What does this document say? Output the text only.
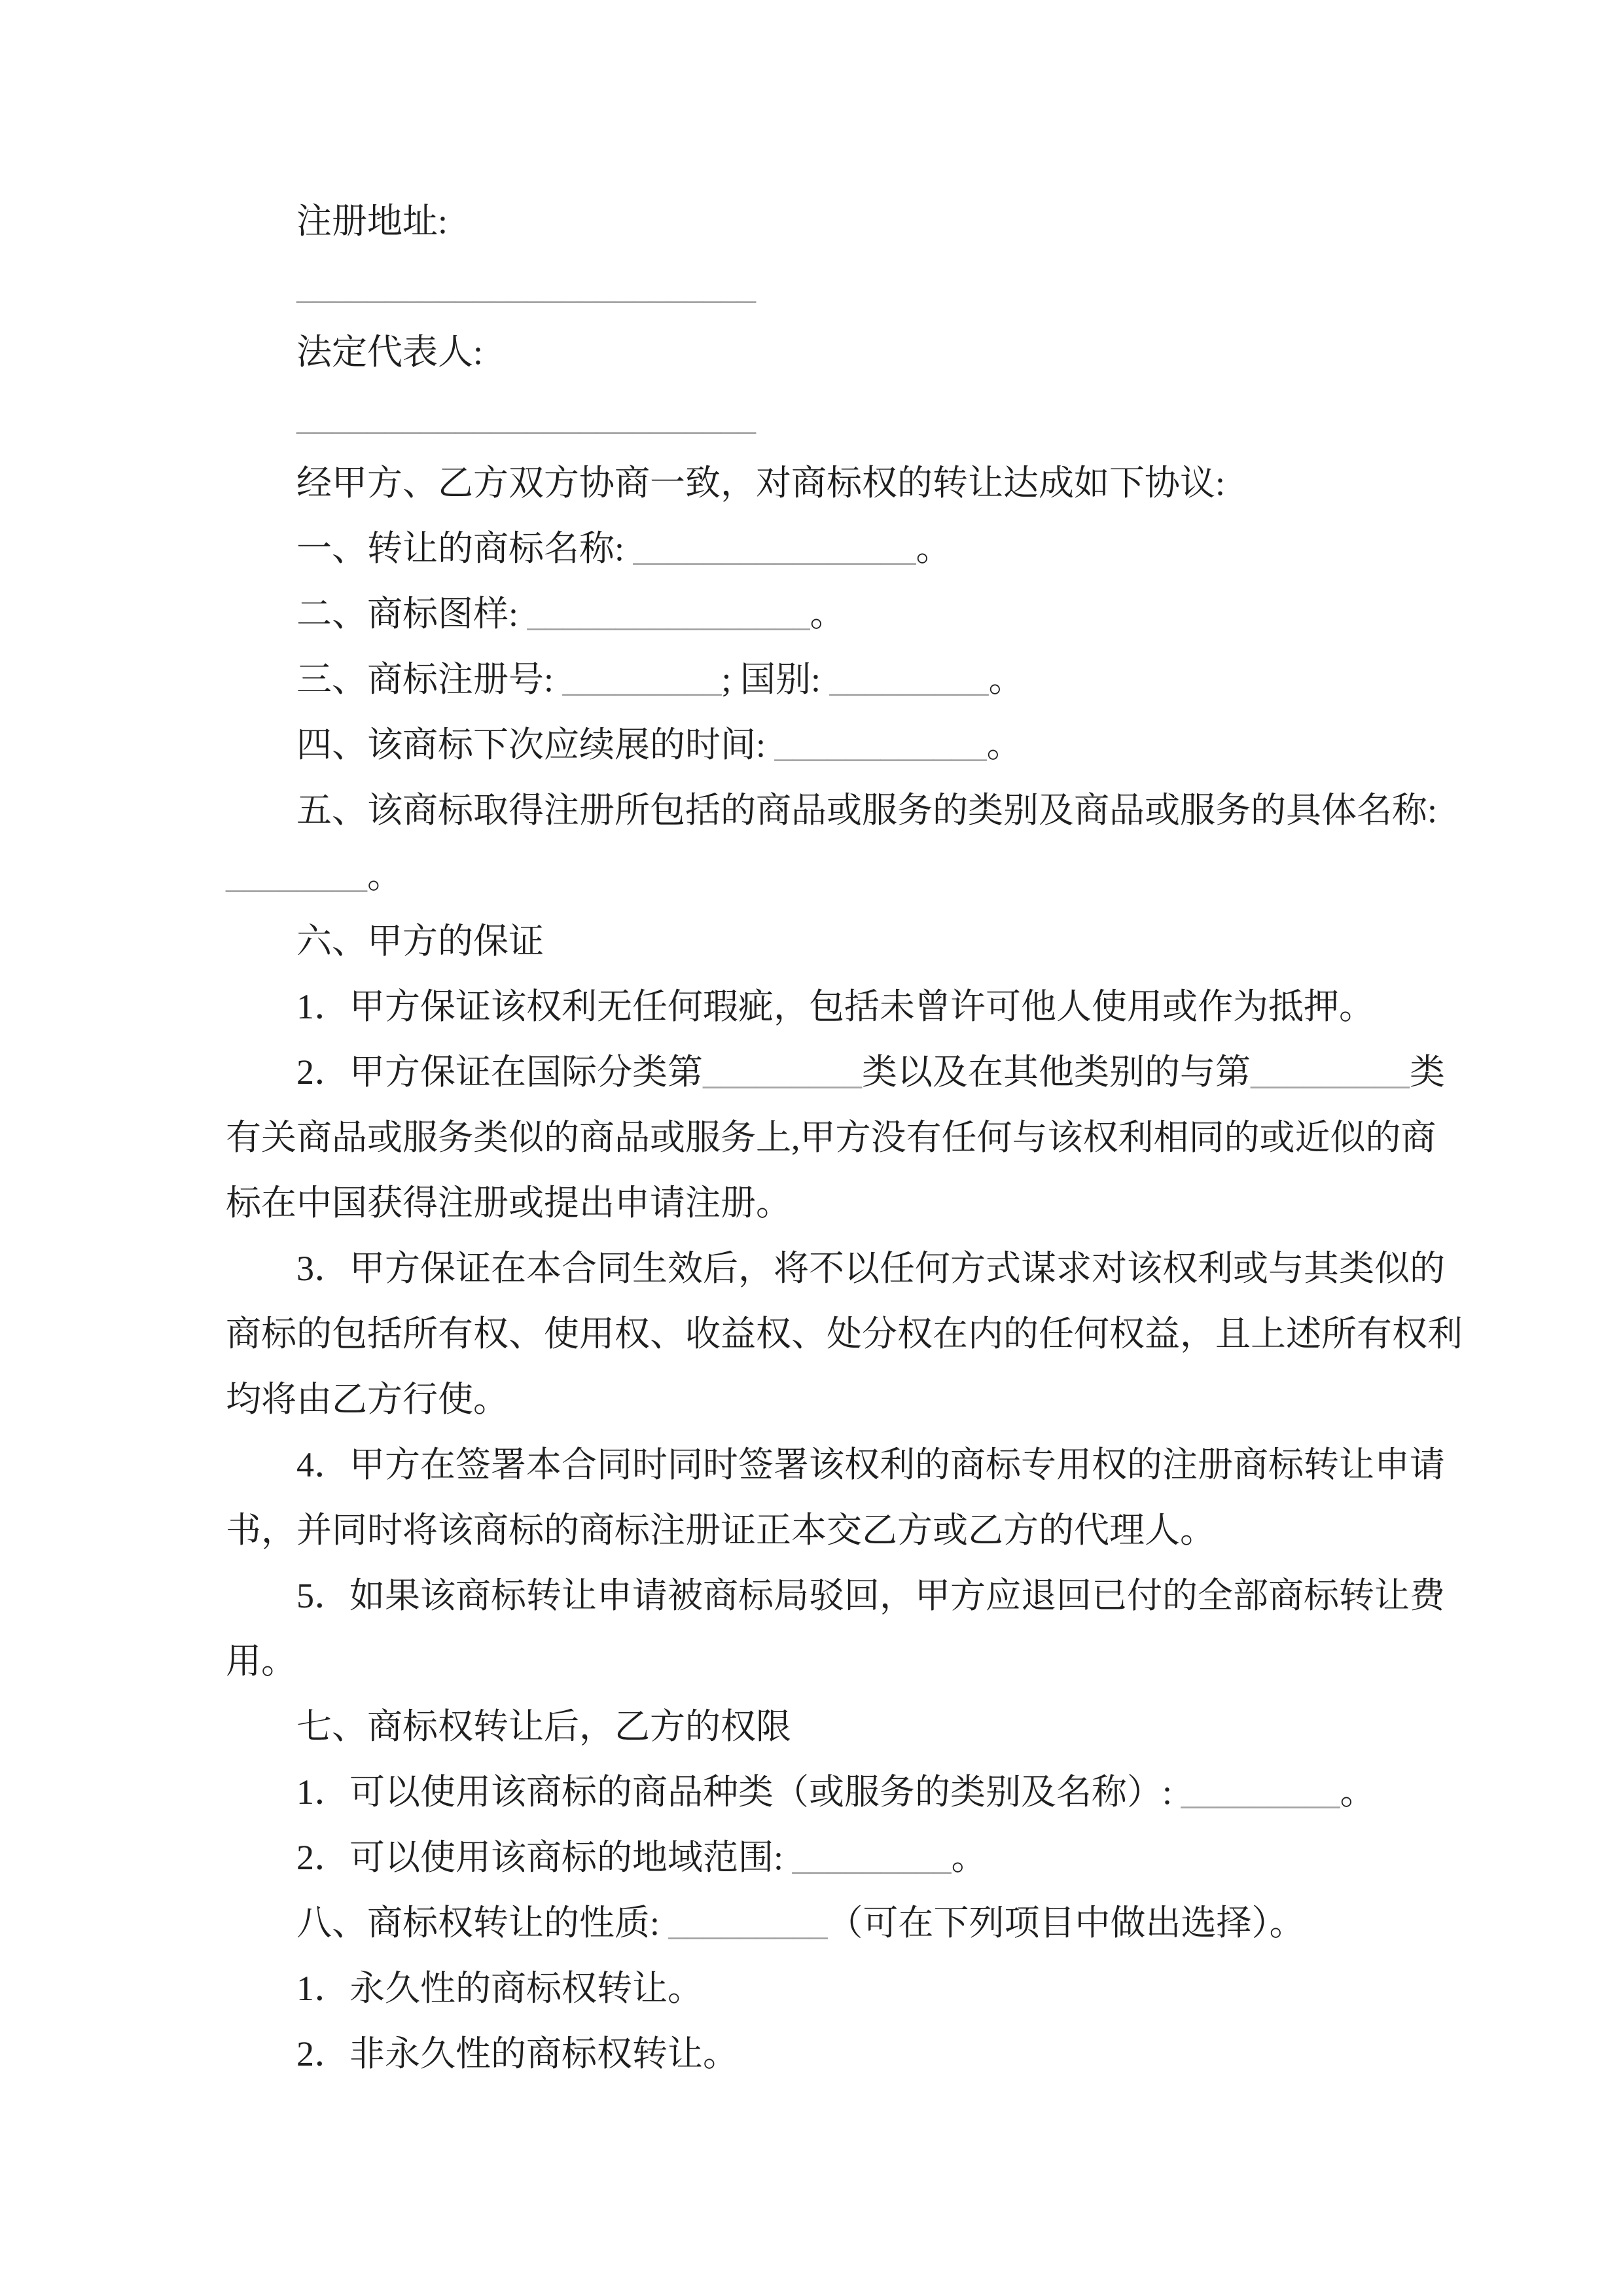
注册地址:

__________________________

法定代表人:

__________________________

经甲方、乙方双方协商一致，对商标权的转让达成如下协议:

一、转让的商标名称: ________________。

二、商标图样: ________________。

三、商标注册号: _________; 国别: _________。

四、该商标下次应续展的时间: ____________。

五、该商标取得注册所包括的商品或服务的类别及商品或服务的具体名称:

________。

六、甲方的保证

1．甲方保证该权利无任何瑕疵，包括未曾许可他人使用或作为抵押。

2．甲方保证在国际分类第_________类以及在其他类别的与第_________类

有关商品或服务类似的商品或服务上,甲方没有任何与该权利相同的或近似的商

标在中国获得注册或提出申请注册。

3．甲方保证在本合同生效后，将不以任何方式谋求对该权利或与其类似的

商标的包括所有权、使用权、收益权、处分权在内的任何权益，且上述所有权利

均将由乙方行使。

4．甲方在签署本合同时同时签署该权利的商标专用权的注册商标转让申请

书，并同时将该商标的商标注册证正本交乙方或乙方的代理人。

5．如果该商标转让申请被商标局驳回，甲方应退回已付的全部商标转让费

用。

七、商标权转让后，乙方的权限

1．可以使用该商标的商品种类（或服务的类别及名称）: _________。

2．可以使用该商标的地域范围: _________。

八、商标权转让的性质: _________（可在下列项目中做出选择）。

1．永久性的商标权转让。

2．非永久性的商标权转让。
